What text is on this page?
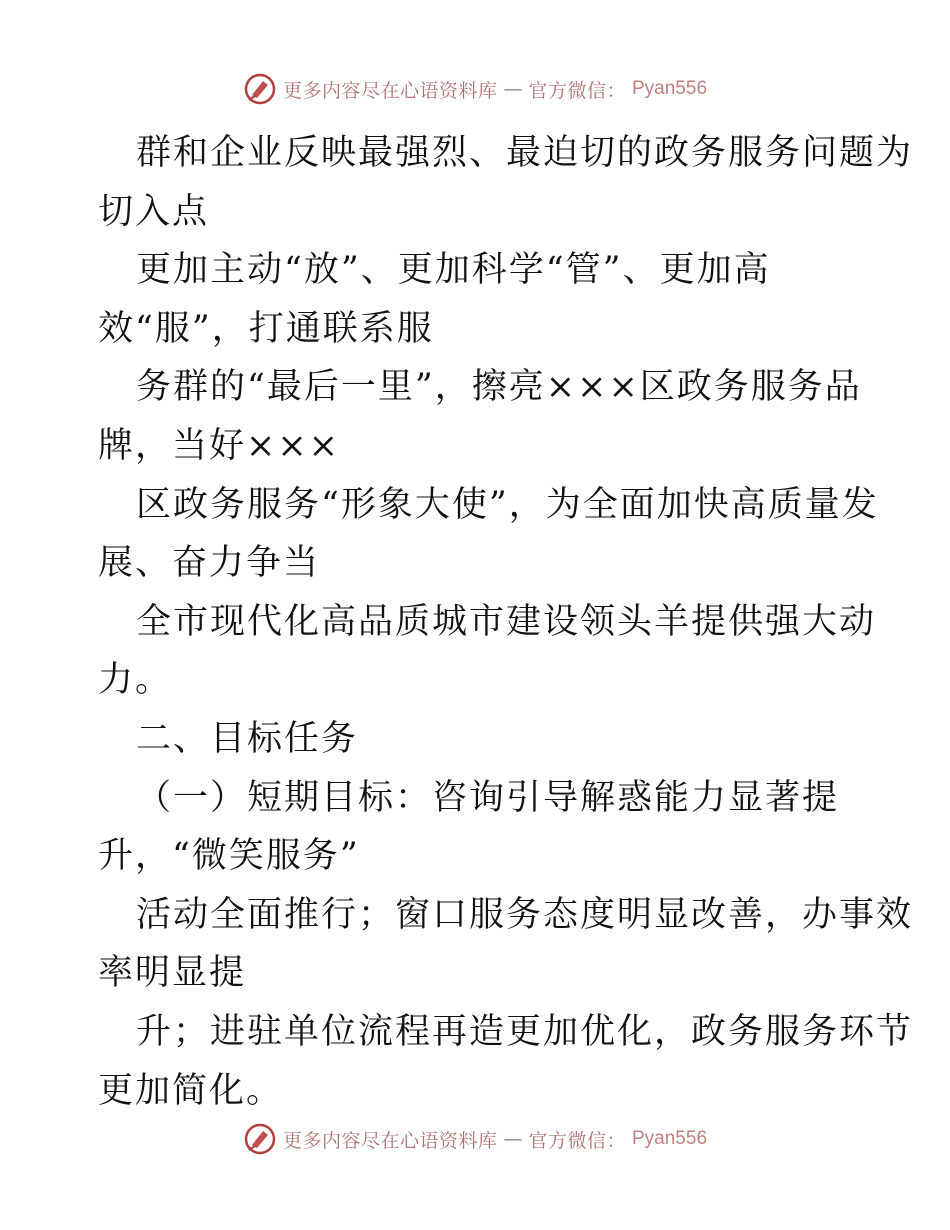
更多内容尽在心语资料库 — 官方微信： Pyan556
群和企业反映最强烈、最迫切的政务服务问题为
切入点
更加主动“放”、更加科学“管”、更加高
效“服”，打通联系服
务群的“最后一里”，擦亮×××区政务服务品
牌，当好×××
区政务服务“形象大使”，为全面加快高质量发
展、奋力争当
全市现代化高品质城市建设领头羊提供强大动
力。
二、目标任务
（一）短期目标：咨询引导解惑能力显著提
升，“微笑服务”
活动全面推行；窗口服务态度明显改善，办事效
率明显提
升；进驻单位流程再造更加优化，政务服务环节
更加简化。
更多内容尽在心语资料库 — 官方微信： Pyan556
